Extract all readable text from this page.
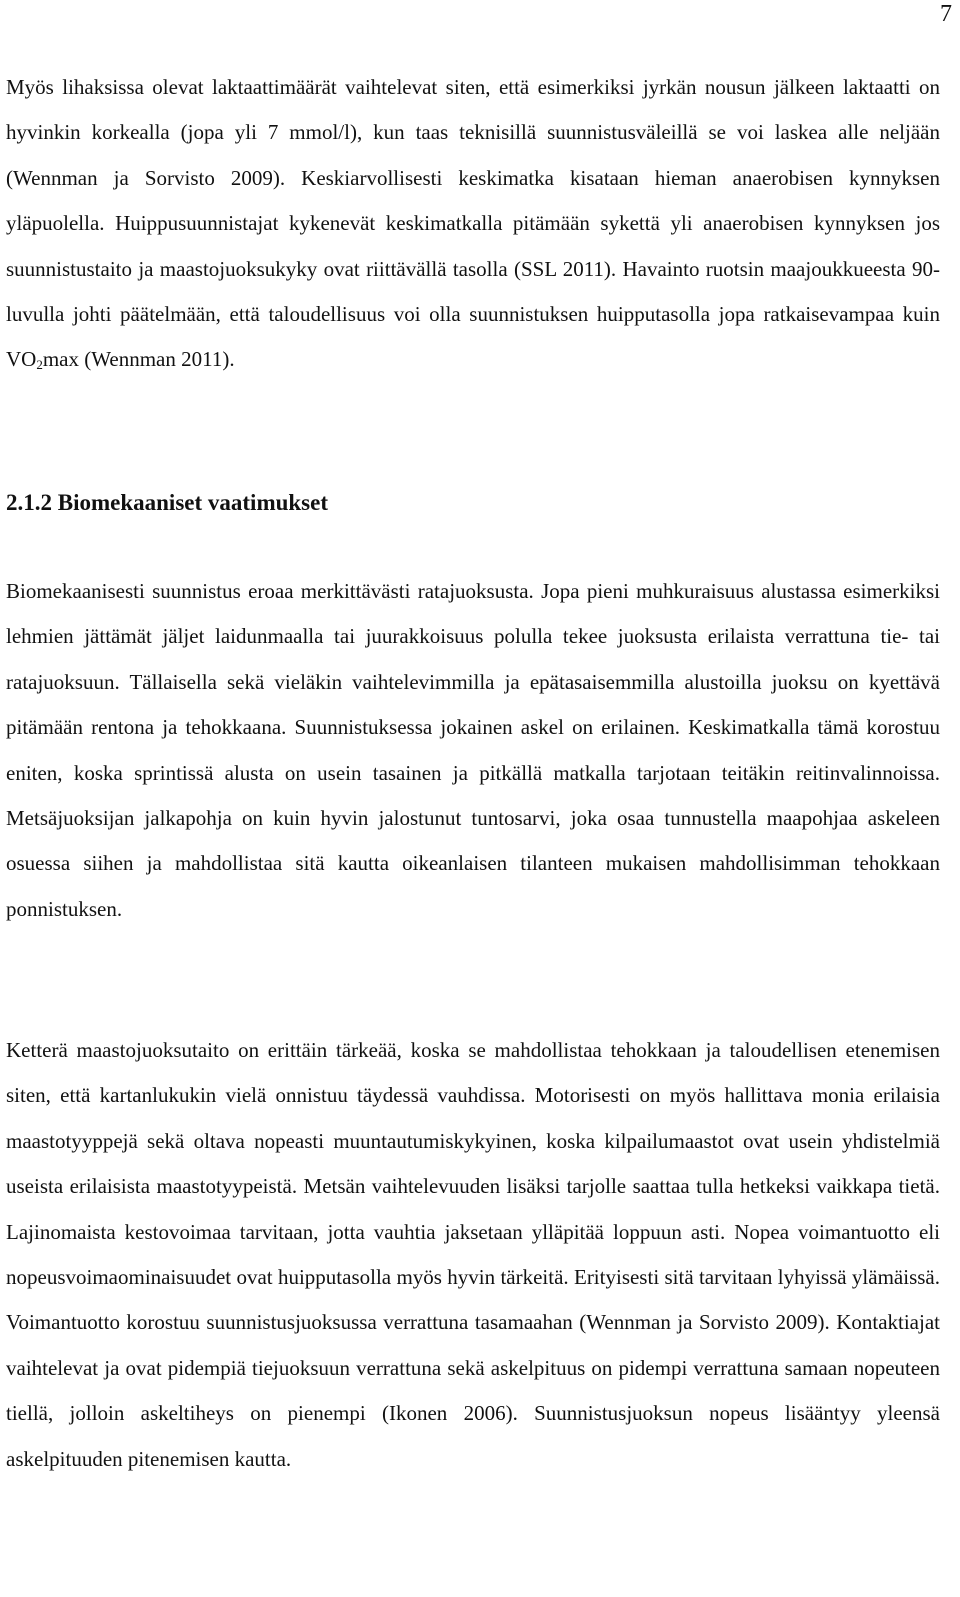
7

Myös lihaksissa olevat laktaattimäärät vaihtelevat siten, että esimerkiksi jyrkän nousun jälkeen laktaatti on hyvinkin korkealla (jopa yli 7 mmol/l), kun taas teknisillä suunnistusväleillä se voi laskea alle neljään (Wennman ja Sorvisto 2009). Keskiarvollisesti keskimatka kisataan hieman anaerobisen kynnyksen yläpuolella. Huippusuunnistajat kykenevät keskimatkalla pitämään sykettä yli anaerobisen kynnyksen jos suunnistustaito ja maastojuoksukyky ovat riittävällä tasolla (SSL 2011). Havainto ruotsin maajoukkueesta 90-luvulla johti päätelmään, että taloudellisuus voi olla suunnistuksen huipputasolla jopa ratkaisevampaa kuin $VO_2\max$ (Wennman 2011).

2.1.2 Biomekaaniset vaatimukset

Biomekaanisesti suunnistus eroaa merkittävästi ratajuoksusta. Jopa pieni muhkuraisuus alustassa esimerkiksi lehmien jättämät jäljet laidunmaalla tai juurakkoisuus polulla tekee juoksusta erilaista verrattuna tie- tai ratajuoksuun. Tällaisella sekä vieläkin vaihtelevimmilla ja epätasaisemmilla alustoilla juoksu on kyettävä pitämään rentona ja tehokkaana. Suunnistuksessa jokainen askel on erilainen. Keskimatkalla tämä korostuu eniten, koska sprintissä alusta on usein tasainen ja pitkällä matkalla tarjotaan teitäkin reitinvalinnoissa. Metsäjuoksijan jalkapohja on kuin hyvin jalostunut tuntosarvi, joka osaa tunnustella maapohjaa askeleen osuessa siihen ja mahdollistaa sitä kautta oikeanlaisen tilanteen mukaisen mahdollisimman tehokkaan ponnistuksen.

Ketterä maastojuoksutaito on erittäin tärkeää, koska se mahdollistaa tehokkaan ja taloudellisen etenemisen siten, että kartanlukukin vielä onnistuu täydessä vauhdissa. Motorisesti on myös hallittava monia erilaisia maastotyyppejä sekä oltava nopeasti muuntautumiskykyinen, koska kilpailumaastot ovat usein yhdistelmiä useista erilaisista maastotyypeistä. Metsän vaihtelevuuden lisäksi tarjolle saattaa tulla hetkeksi vaikkapa tietä. Lajinomaista kestovoimaa tarvitaan, jotta vauhtia jaksetaan ylläpitää loppuun asti. Nopea voimantuotto eli nopeusvoimaominaisuudet ovat huipputasolla myös hyvin tärkeitä. Erityisesti sitä tarvitaan lyhyissä ylämäissä. Voimantuotto korostuu suunnistusjuoksussa verrattuna tasamaahan (Wennman ja Sorvisto 2009). Kontaktiajat vaihtelevat ja ovat pidempiä tiejuoksuun verrattuna sekä askelpituus on pidempi verrattuna samaan nopeuteen tiellä, jolloin askeltiheys on pienempi (Ikonen 2006). Suunnistusjuoksun nopeus lisääntyy yleensä askelpituuden pitenemisen kautta.
